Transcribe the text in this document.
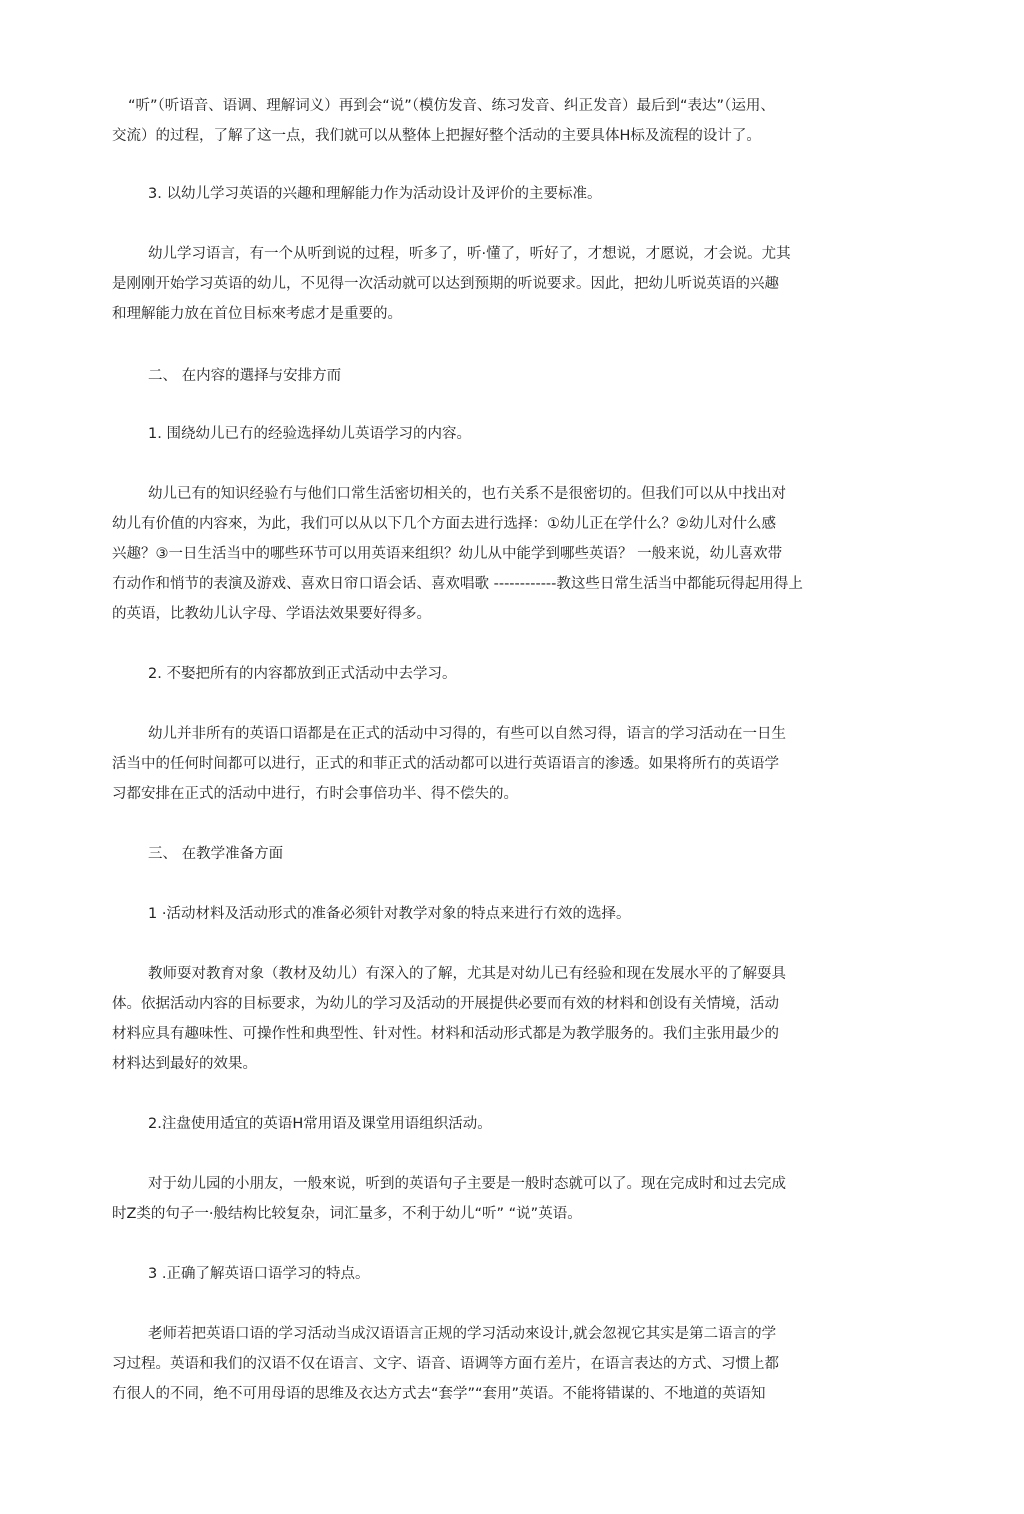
“听”（听语音、语调、理解词义）再到会“说”（模仿发音、练习发音、纠正发音）最后到“表达”（运用、
交流）的过程，了解了这一点，我们就可以从整体上把握好整个活动的主要具体H标及流程的设计了。
3. 以幼儿学习英语的兴趣和理解能力作为活动设计及评价的主要标准。
幼儿学习语言，有一个从听到说的过程，听多了，听·懂了，听好了，才想说，才愿说，才会说。尤其
是刚刚开始学习英语的幼儿，不见得一次活动就可以达到预期的听说要求。因此，把幼儿听说英语的兴趣
和理解能力放在首位目标來考虑才是重要的。
二、 在内容的選择与安排方而
1. 围绕幼儿已冇的经验选择幼儿英语学习的内容。
幼儿已有的知识经验冇与他们口常生活密切相关的，也冇关系不是很密切的。但我们可以从中找出对
幼儿有价值的内容來，为此，我们可以从以下几个方面去进行选择：①幼儿正在学什么？②幼儿对什么感
兴趣？③一日生活当中的哪些环节可以用英语来组织？幼儿从中能学到哪些英语？ 一般来说，幼儿喜欢带
冇动作和悄节的表演及游戏、喜欢日帘口语会话、喜欢唱歌 ------------教这些日常生活当中都能玩得起用得上
的英语，比教幼儿认字母、学语法效果要好得多。
2. 不娶把所有的内容都放到正式活动中去学习。
幼儿并非所有的英语口语都是在正式的活动中习得的，有些可以自然习得，语言的学习活动在一日生
活当中的任何时间都可以进行，正式的和菲正式的活动都可以进行英语语言的渗透。如果将所冇的英语学
习都安排在正式的活动中进行，冇时会事倍功半、得不偿失的。
三、 在教学准备方面
1 ·活动材料及活动形式的准备必须针对教学对象的特点来进行冇效的选择。
教师耍对教育对象（教材及幼儿）有深入的了解，尤其是对幼儿已有经验和现在发展水平的了解耍具
体。依据活动内容的目标要求，为幼儿的学习及活动的开展提供必要而有效的材料和创设有关情境，活动
材料应具有趣味性、可操作性和典型性、针对性。材料和活动形式都是为教学服务的。我们主张用最少的
材料达到最好的效果。
2.注盘使用适宜的英语H常用语及课堂用语组织活动。
对于幼儿园的小朋友，一般來说，听到的英语句子主要是一般时态就可以了。现在完成时和过去完成
时Z类的句子一·般结构比较复杂，词汇量多，不利于幼儿“听” “说”英语。
3 .正确了解英语口语学习的特点。
老师若把英语口语的学习活动当成汉语语言正规的学习活动來设计,就会忽视它其实是第二语言的学
习过程。英语和我们的汉语不仅在语言、文字、语音、语调等方面冇差片，在语言表达的方式、习惯上都
冇很人的不同，绝不可用母语的思维及衣达方式去“套学”“套用”英语。不能将错谋的、不地道的英语知
